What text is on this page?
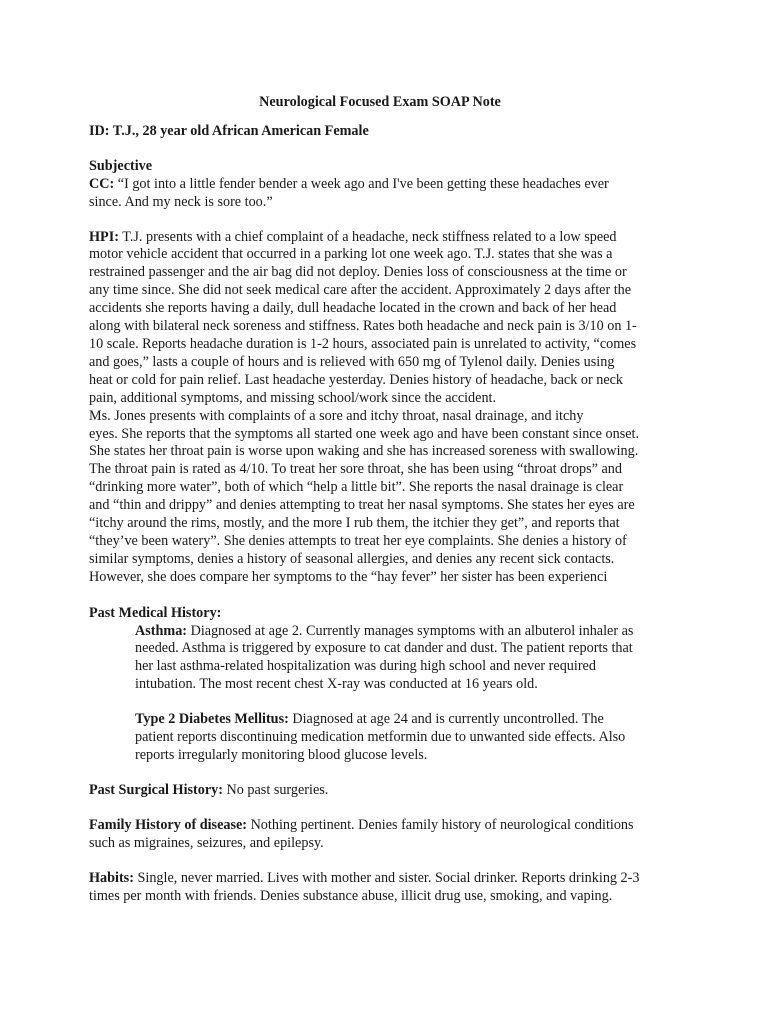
Neurological Focused Exam SOAP Note
ID: T.J., 28 year old African American Female
Subjective
CC: “I got into a little fender bender a week ago and I've been getting these headaches ever
since. And my neck is sore too.”
HPI: T.J. presents with a chief complaint of a headache, neck stiffness related to a low speed
motor vehicle accident that occurred in a parking lot one week ago. T.J. states that she was a
restrained passenger and the air bag did not deploy. Denies loss of consciousness at the time or
any time since. She did not seek medical care after the accident. Approximately 2 days after the
accidents she reports having a daily, dull headache located in the crown and back of her head
along with bilateral neck soreness and stiffness. Rates both headache and neck pain is 3/10 on 1-
10 scale. Reports headache duration is 1-2 hours, associated pain is unrelated to activity, “comes
and goes,” lasts a couple of hours and is relieved with 650 mg of Tylenol daily. Denies using
heat or cold for pain relief. Last headache yesterday. Denies history of headache, back or neck
pain, additional symptoms, and missing school/work since the accident.
Ms. Jones presents with complaints of a sore and itchy throat, nasal drainage, and itchy
eyes. She reports that the symptoms all started one week ago and have been constant since onset.
She states her throat pain is worse upon waking and she has increased soreness with swallowing.
The throat pain is rated as 4/10. To treat her sore throat, she has been using “throat drops” and
“drinking more water”, both of which “help a little bit”. She reports the nasal drainage is clear
and “thin and drippy” and denies attempting to treat her nasal symptoms. She states her eyes are
“itchy around the rims, mostly, and the more I rub them, the itchier they get”, and reports that
“they’ve been watery”. She denies attempts to treat her eye complaints. She denies a history of
similar symptoms, denies a history of seasonal allergies, and denies any recent sick contacts.
However, she does compare her symptoms to the “hay fever” her sister has been experienci
Past Medical History:
Asthma: Diagnosed at age 2. Currently manages symptoms with an albuterol inhaler as
needed. Asthma is triggered by exposure to cat dander and dust. The patient reports that
her last asthma-related hospitalization was during high school and never required
intubation. The most recent chest X-ray was conducted at 16 years old.
Type 2 Diabetes Mellitus: Diagnosed at age 24 and is currently uncontrolled. The
patient reports discontinuing medication metformin due to unwanted side effects. Also
reports irregularly monitoring blood glucose levels.
Past Surgical History: No past surgeries.
Family History of disease: Nothing pertinent. Denies family history of neurological conditions
such as migraines, seizures, and epilepsy.
Habits: Single, never married. Lives with mother and sister. Social drinker. Reports drinking 2-3
times per month with friends. Denies substance abuse, illicit drug use, smoking, and vaping.
